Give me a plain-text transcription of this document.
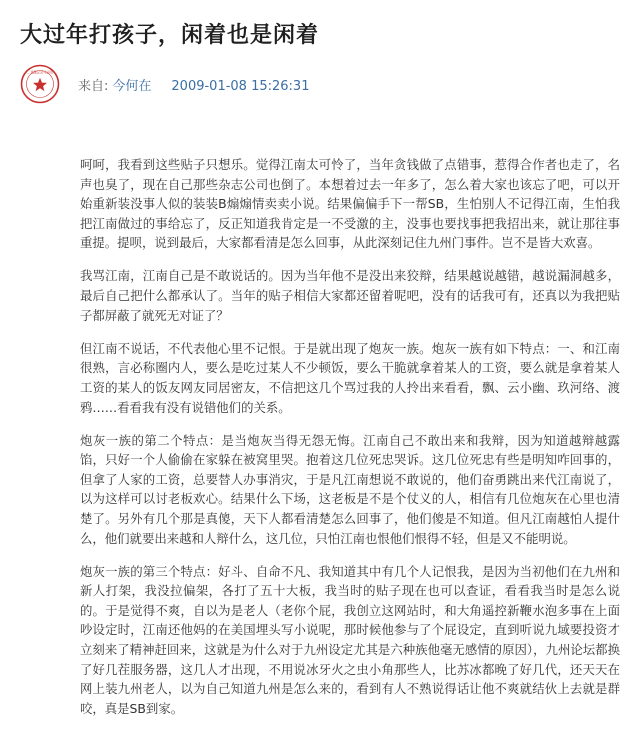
大过年打孩子，闲着也是闲着
…遗像记录与证明
来自: 今何在 2009-01-08 15:26:31

呵呵，我看到这些贴子只想乐。觉得江南太可怜了，当年贪钱做了点错事，惹得合作者也走了，名声也臭了，现在自己那些杂志公司也倒了。本想着过去一年多了，怎么着大家也该忘了吧，可以开始重新装没事人似的装装B煽煽情卖卖小说。结果偏偏手下一帮SB，生怕别人不记得江南，生怕我把江南做过的事给忘了，反正知道我肯定是一不受激的主，没事也要找事把我招出来，就让那往事重提。提呗，说到最后，大家都看清是怎么回事，从此深刻记住九州门事件。岂不是皆大欢喜。

我骂江南，江南自己是不敢说话的。因为当年他不是没出来狡辩，结果越说越错，越说漏洞越多，最后自己把什么都承认了。当年的贴子相信大家都还留着呢吧，没有的话我可有，还真以为我把贴子都屏蔽了就死无对证了？

但江南不说话，不代表他心里不记恨。于是就出现了炮灰一族。炮灰一族有如下特点：一、和江南很熟，言必称圈内人，要么是吃过某人不少顿饭，要么干脆就拿着某人的工资，要么就是拿着某人工资的某人的饭友网友同居密友，不信把这几个骂过我的人拎出来看看，飘、云小幽、玖河络、渡鸦……看看我有没有说错他们的关系。

炮灰一族的第二个特点：是当炮灰当得无怨无悔。江南自己不敢出来和我辩，因为知道越辩越露馅，只好一个人偷偷在家躲在被窝里哭。抱着这几位死忠哭诉。这几位死忠有些是明知咋回事的，但拿了人家的工资，总要替人办事消灾，于是凡江南想说不敢说的，他们奋勇跳出来代江南说了，以为这样可以讨老板欢心。结果什么下场，这老板是不是个仗义的人，相信有几位炮灰在心里也清楚了。另外有几个那是真傻，天下人都看清楚怎么回事了，他们傻是不知道。但凡江南越怕人提什么，他们就要出来越和人辩什么，这几位，只怕江南也恨他们恨得不轻，但是又不能明说。

炮灰一族的第三个特点：好斗、自命不凡、我知道其中有几个人记恨我，是因为当初他们在九州和新人打架，我没拉偏架，各打了五十大板，我当时的贴子现在也可以查证，看看我当时是怎么说的。于是觉得不爽，自以为是老人（老你个屁，我创立这网站时，和大角遥控新鞭水泡多事在上面吵设定时，江南还他妈的在美国埋头写小说呢，那时候他参与了个屁设定，直到听说九域要投资才立刻来了精神赶回来，这就是为什么对于九州设定尤其是六种族他毫无感情的原因），九州论坛都换了好几茬服务器，这几人才出现，不用说冰牙火之虫小角那些人，比苏冰都晚了好几代，还天天在网上装九州老人，以为自己知道九州是怎么来的，看到有人不熟说得话让他不爽就结伙上去就是群咬，真是SB到家。
